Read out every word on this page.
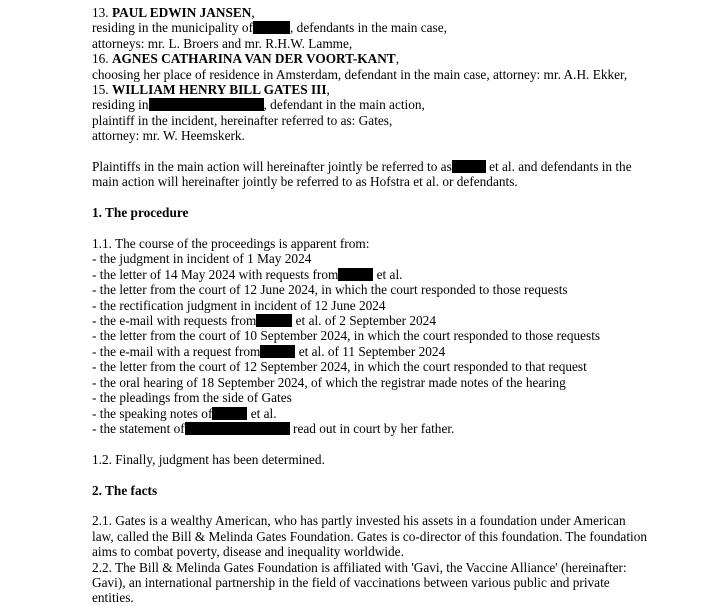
13. PAUL EDWIN JANSEN,
residing in the municipality of	, defendants in the main case,
attorneys: mr. L. Broers and mr. R.H.W. Lamme,
16. AGNES CATHARINA VAN DER VOORT-KANT,
choosing her place of residence in Amsterdam, defendant in the main case, attorney: mr. A.H. Ekker,
15. WILLIAM HENRY BILL GATES III,
residing in	, defendant in the main action,
plaintiff in the incident, hereinafter referred to as: Gates,
attorney: mr. W. Heemskerk.
Plaintiffs in the main action will hereinafter jointly be referred to as	et al. and defendants in the
main action will hereinafter jointly be referred to as Hofstra et al. or defendants.
1. The procedure
1.1. The course of the proceedings is apparent from:
- the judgment in incident of 1 May 2024
- the letter of 14 May 2024 with requests from	et al.
- the letter from the court of 12 June 2024, in which the court responded to those requests
- the rectification judgment in incident of 12 June 2024
- the e-mail with requests from	et al. of 2 September 2024
- the letter from the court of 10 September 2024, in which the court responded to those requests
- the e-mail with a request from	et al. of 11 September 2024
- the letter from the court of 12 September 2024, in which the court responded to that request
- the oral hearing of 18 September 2024, of which the registrar made notes of the hearing
- the pleadings from the side of Gates
- the speaking notes of	et al.
- the statement of	read out in court by her father.
1.2. Finally, judgment has been determined.
2. The facts
2.1. Gates is a wealthy American, who has partly invested his assets in a foundation under American
law, called the Bill & Melinda Gates Foundation. Gates is co-director of this foundation. The foundation
aims to combat poverty, disease and inequality worldwide.
2.2. The Bill & Melinda Gates Foundation is affiliated with 'Gavi, the Vaccine Alliance' (hereinafter:
Gavi), an international partnership in the field of vaccinations between various public and private
entities.
